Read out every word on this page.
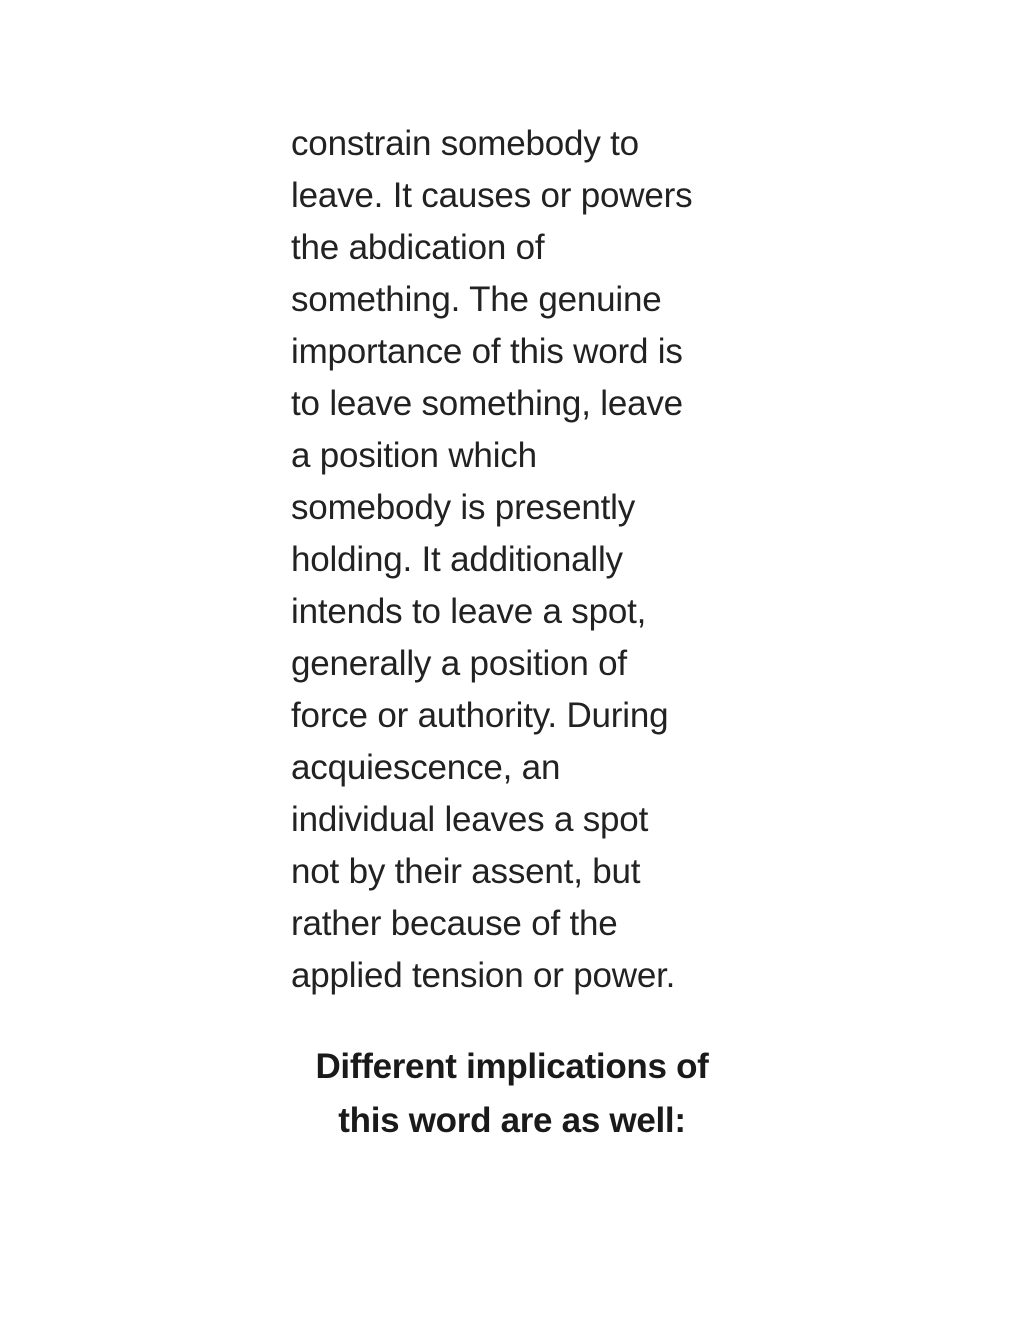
constrain somebody to
leave. It causes or powers
the abdication of
something. The genuine
importance of this word is
to leave something, leave
a position which
somebody is presently
holding. It additionally
intends to leave a spot,
generally a position of
force or authority. During
acquiescence, an
individual leaves a spot
not by their assent, but
rather because of the
applied tension or power.
Different implications of
this word are as well:
